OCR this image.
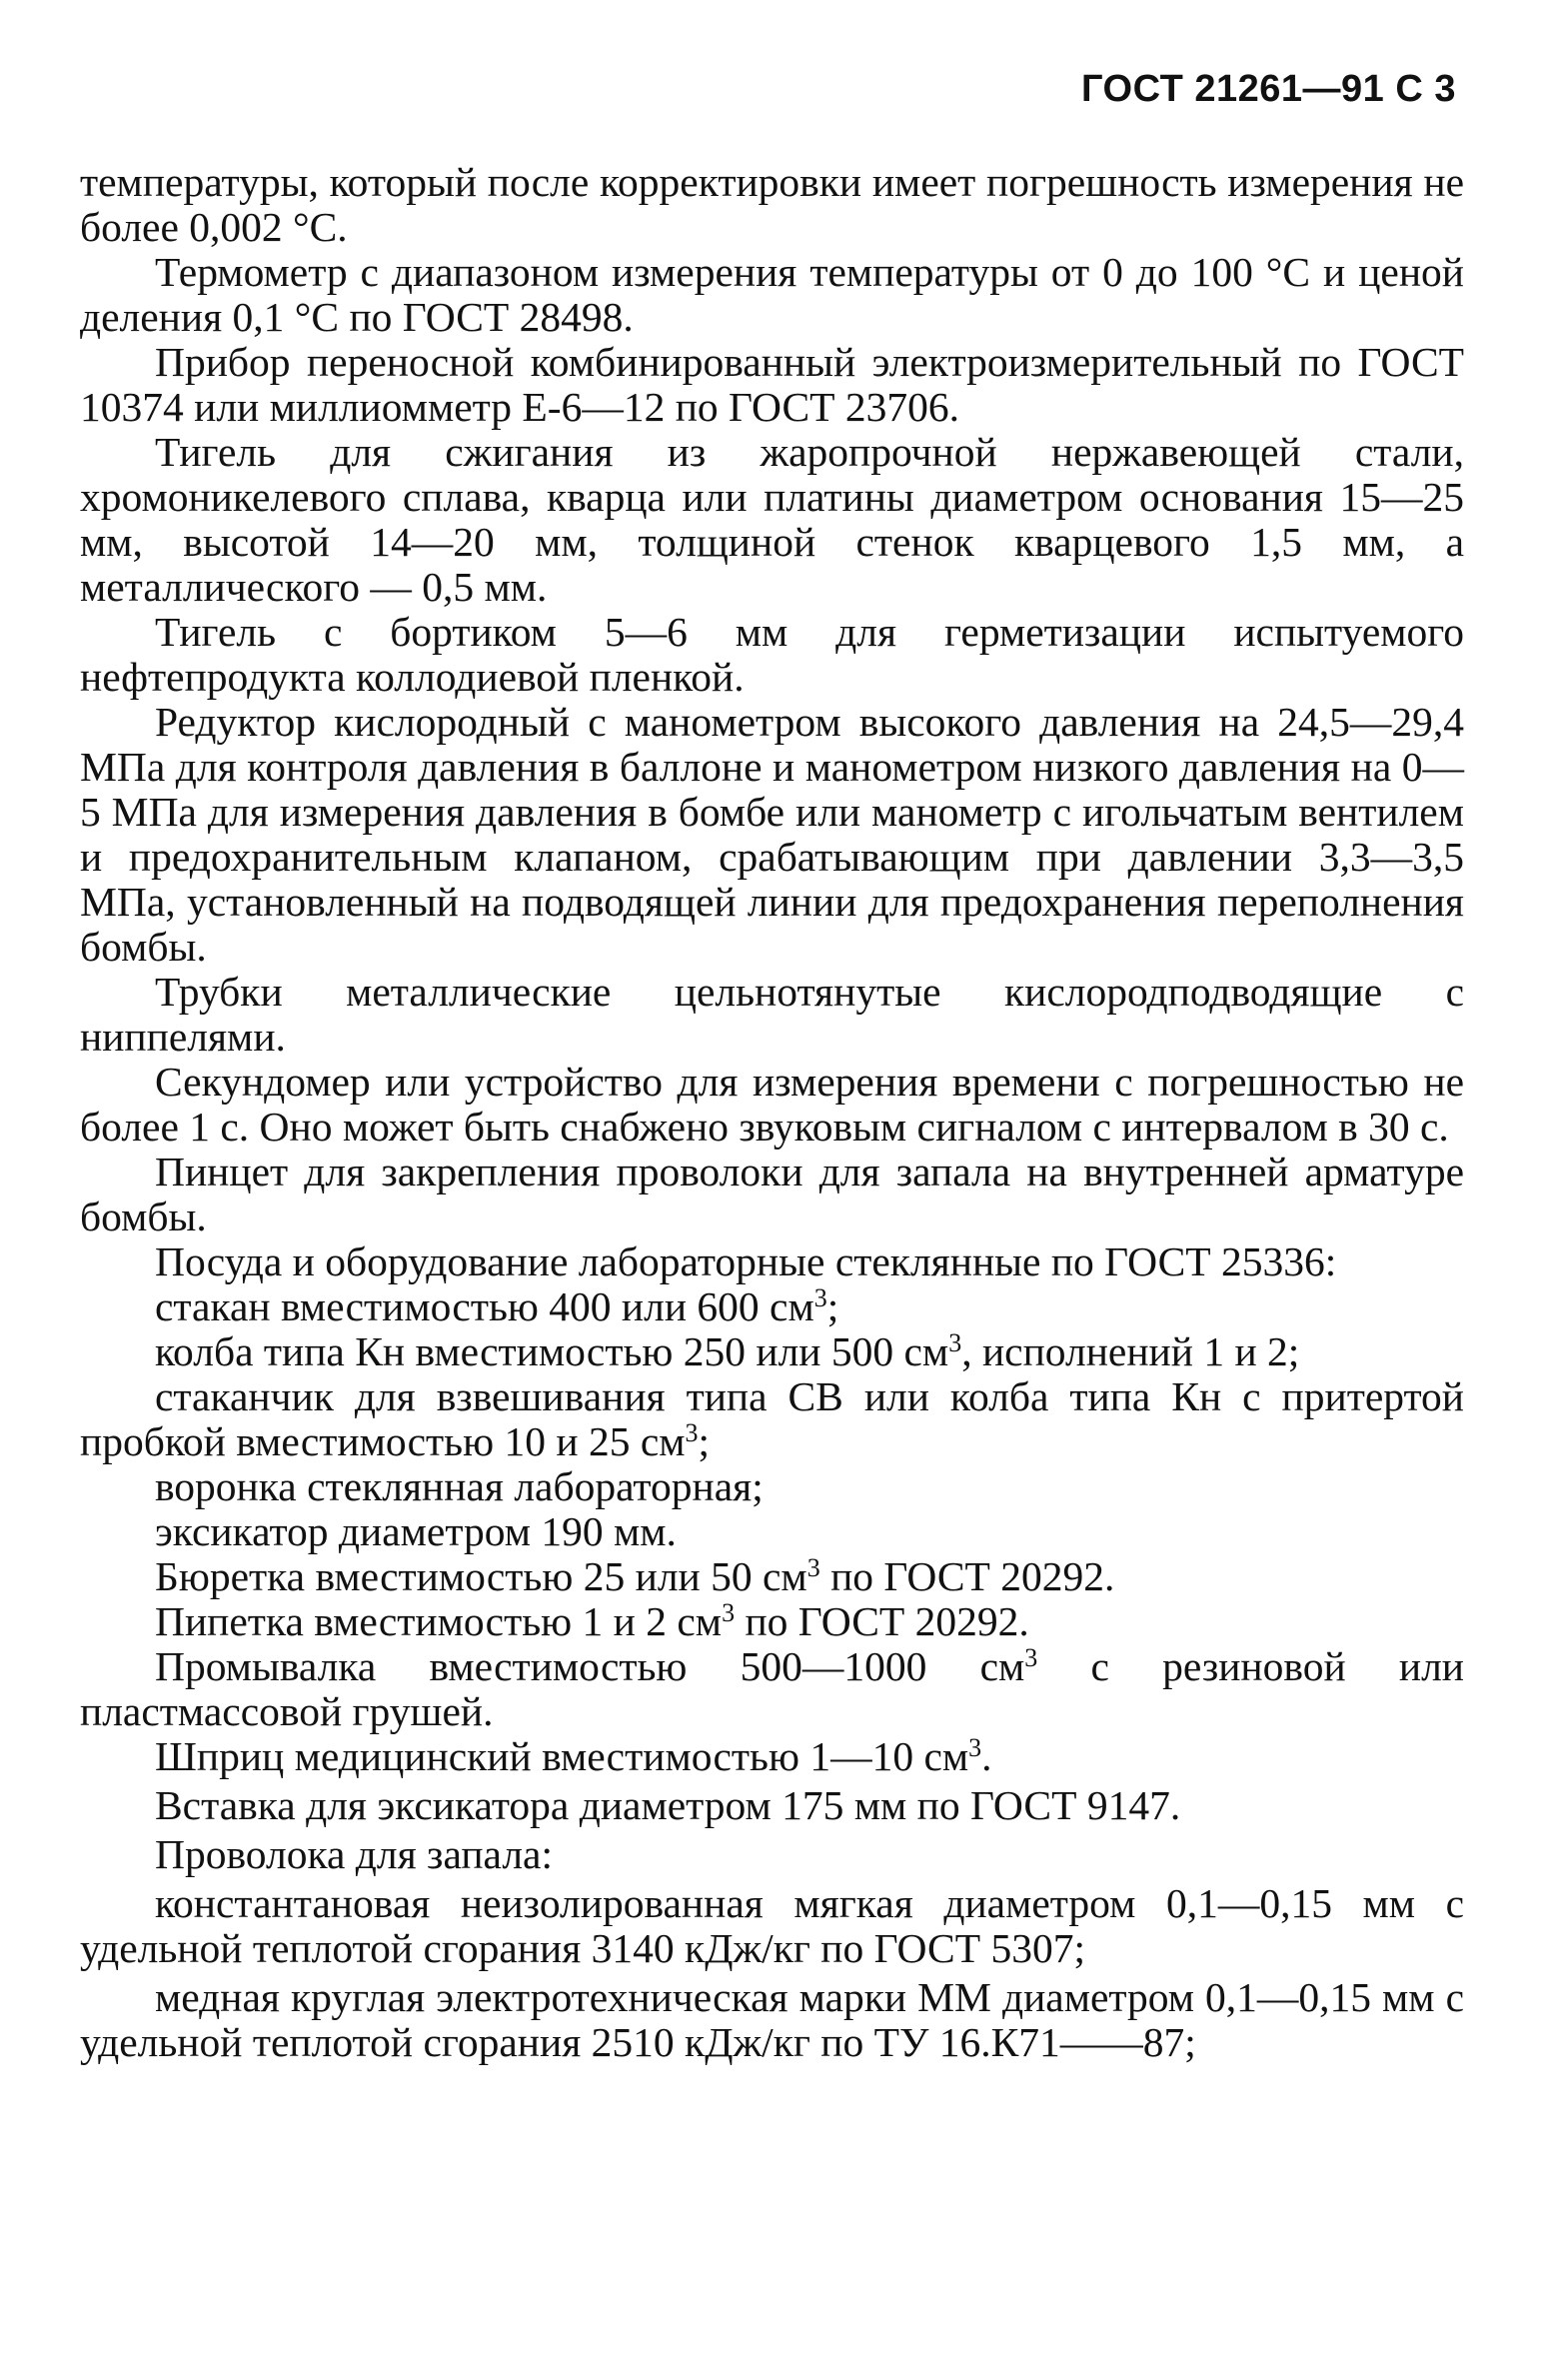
ГОСТ 21261—91 С 3

температуры, который после корректировки имеет погрешность измерения не более 0,002 °С.

Термометр с диапазоном измерения температуры от 0 до 100 °С и ценой деления 0,1 °С по ГОСТ 28498.

Прибор переносной комбинированный электроизмерительный по ГОСТ 10374 или миллиомметр Е-6—12 по ГОСТ 23706.

Тигель для сжигания из жаропрочной нержавеющей стали, хромоникелевого сплава, кварца или платины диаметром основания 15—25 мм, высотой 14—20 мм, толщиной стенок кварцевого 1,5 мм, а металлического — 0,5 мм.

Тигель с бортиком 5—6 мм для герметизации испытуемого нефтепродукта коллодиевой пленкой.

Редуктор кислородный с манометром высокого давления на 24,5—29,4 МПа для контроля давления в баллоне и манометром низкого давления на 0—5 МПа для измерения давления в бомбе или манометр с игольчатым вентилем и предохранительным клапаном, срабатывающим при давлении 3,3—3,5 МПа, установленный на подводящей линии для предохранения переполнения бомбы.

Трубки металлические цельнотянутые кислородподводящие с ниппелями.

Секундомер или устройство для измерения времени с погрешностью не более 1 с. Оно может быть снабжено звуковым сигналом с интервалом в 30 с.

Пинцет для закрепления проволоки для запала на внутренней арматуре бомбы.

Посуда и оборудование лабораторные стеклянные по ГОСТ 25336:

стакан вместимостью 400 или 600 $см^3$;

колба типа Кн вместимостью 250 или 500 $см^3$, исполнений 1 и 2;

стаканчик для взвешивания типа СВ или колба типа Кн с притертой пробкой вместимостью 10 и 25 $см^3$;

воронка стеклянная лабораторная;

эксикатор диаметром 190 мм.

Бюретка вместимостью 25 или 50 $см^3$ по ГОСТ 20292.

Пипетка вместимостью 1 и 2 $см^3$ по ГОСТ 20292.

Промывалка вместимостью 500—1000 $см^3$ с резиновой или пластмассовой грушей.

Шприц медицинский вместимостью 1—10 $см^3$.

Вставка для эксикатора диаметром 175 мм по ГОСТ 9147.

Проволока для запала:

константановая неизолированная мягкая диаметром 0,1—0,15 мм с удельной теплотой сгорания 3140 кДж/кг по ГОСТ 5307;

медная круглая электротехническая марки ММ диаметром 0,1—0,15 мм с удельной теплотой сгорания 2510 кДж/кг по ТУ 16.К71——87;
